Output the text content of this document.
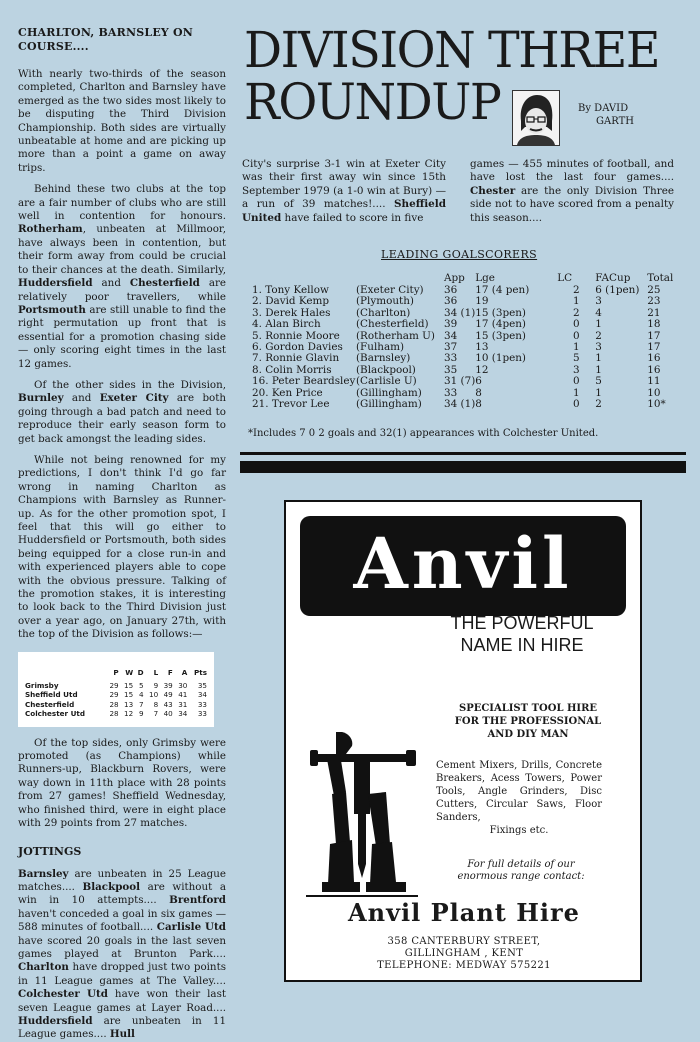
CHARLTON, BARNSLEY ON COURSE....

With nearly two-thirds of the season completed, Charlton and Barnsley have emerged as the two sides most likely to be disputing the Third Division Championship. Both sides are virtually unbeatable at home and are picking up more than a point a game on away trips.

Behind these two clubs at the top are a fair number of clubs who are still well in contention for honours. Rotherham, unbeaten at Millmoor, have always been in contention, but their form away from could be crucial to their chances at the death. Similarly, Huddersfield and Chesterfield are relatively poor travellers, while Portsmouth are still unable to find the right permutation up front that is essential for a promotion chasing side — only scoring eight times in the last 12 games.

Of the other sides in the Division, Burnley and Exeter City are both going through a bad patch and need to reproduce their early season form to get back amongst the leading sides.

While not being renowned for my predictions, I don't think I'd go far wrong in naming Charlton as Champions with Barnsley as Runner-up. As for the other promotion spot, I feel that this will go either to Huddersfield or Portsmouth, both sides being equipped for a close run-in and with experienced players able to cope with the obvious pressure. Talking of the promotion stakes, it is interesting to look back to the Third Division just over a year ago, on January 27th, with the top of the Division as follows:—

	P	W	D	L	F	A	Pts
Grimsby	29	15	5	9	39	30	35
Sheffield Utd	29	15	4	10	49	41	34
Chesterfield	28	13	7	8	43	31	33
Colchester Utd	28	12	9	7	40	34	33

Of the top sides, only Grimsby were promoted (as Champions) while Runners-up, Blackburn Rovers, were way down in 11th place with 28 points from 27 games! Sheffield Wednesday, who finished third, were in eight place with 29 points from 27 matches.

JOTTINGS

Barnsley are unbeaten in 25 League matches.... Blackpool are without a win in 10 attempts.... Brentford haven't conceded a goal in six games — 588 minutes of football.... Carlisle Utd have scored 20 goals in the last seven games played at Brunton Park.... Charlton have dropped just two points in 11 League games at The Valley.... Colchester Utd have won their last seven League games at Layer Road.... Huddersfield are unbeaten in 11 League games.... Hull

DIVISION THREE
ROUNDUP	By DAVID
GARTH
City's surprise 3-1 win at Exeter City was their first away win since 15th September 1979 (a 1-0 win at Bury) —a run of 39 matches!.... Sheffield United have failed to score in five
games — 455 minutes of football, and have lost the last four games.... Chester are the only Division Three side not to have scored from a penalty this season....
LEADING GOALSCORERS
		App	Lge	LC	FACup	Total
1. Tony Kellow	(Exeter City)	36	17 (4 pen)	2	6 (1pen)	25
2. David Kemp	(Plymouth)	36	19	1	3	23
3. Derek Hales	(Charlton)	34 (1)	15 (3pen)	2	4	21
4. Alan Birch	(Chesterfield)	39	17 (4pen)	0	1	18
5. Ronnie Moore	(Rotherham U)	34	15 (3pen)	0	2	17
6. Gordon Davies	(Fulham)	37	13	1	3	17
7. Ronnie Glavin	(Barnsley)	33	10 (1pen)	5	1	16
8. Colin Morris	(Blackpool)	35	12	3	1	16
16. Peter Beardsley	(Carlisle U)	31 (7)	6	0	5	11
20. Ken Price	(Gillingham)	33	8	1	1	10
21. Trevor Lee	(Gillingham)	34 (1)	8	0	2	10*
*Includes 7 0 2 goals and 32(1) appearances with Colchester United.
Anvil
THE POWERFUL
NAME IN HIRE
SPECIALIST TOOL HIRE
FOR THE PROFESSIONAL
AND DIY MAN
Cement Mixers, Drills, Concrete Breakers, Acess Towers, Power Tools, Angle Grinders, Disc Cutters, Circular Saws, Floor Sanders,
Fixings etc.
For full details of our
enormous range contact:
Anvil Plant Hire
358 CANTERBURY STREET,
GILLINGHAM , KENT
TELEPHONE: MEDWAY 575221
